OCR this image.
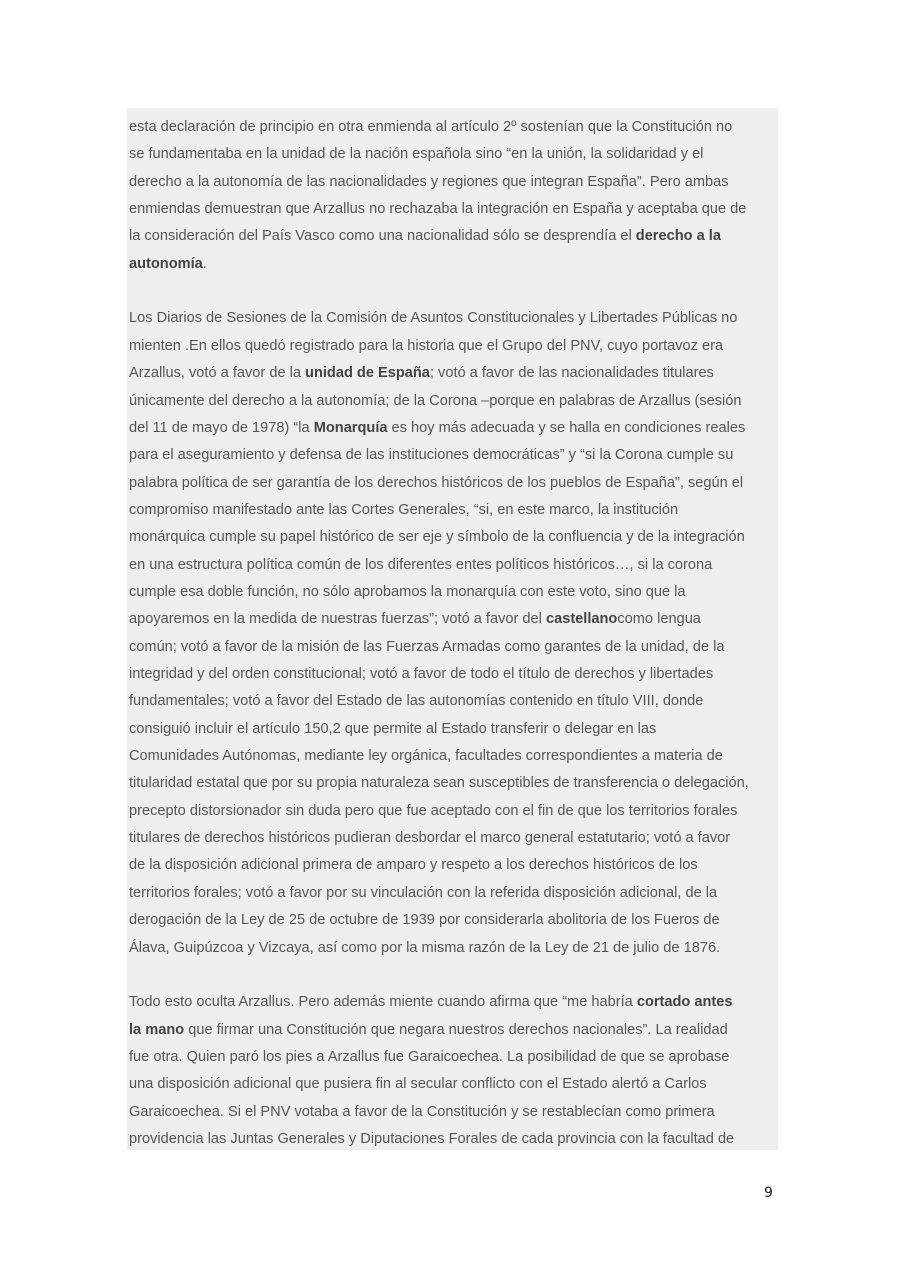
esta declaración de principio en otra enmienda al artículo 2º sostenían que la Constitución no
se fundamentaba en la unidad de la nación española sino “en la unión, la solidaridad y el
derecho a la autonomía de las nacionalidades y regiones que integran España”. Pero ambas
enmiendas demuestran que Arzallus no rechazaba la integración en España y aceptaba que de
la consideración del País Vasco como una nacionalidad sólo se desprendía el derecho a la
autonomía.
Los Diarios de Sesiones de la Comisión de Asuntos Constitucionales y Libertades Públicas no
mienten .En ellos quedó registrado para la historia que el Grupo del PNV, cuyo portavoz era
Arzallus, votó a favor de la unidad de España; votó a favor de las nacionalidades titulares
únicamente del derecho a la autonomía; de la Corona –porque en palabras de Arzallus (sesión
del 11 de mayo de 1978) “la Monarquía es hoy más adecuada y se halla en condiciones reales
para el aseguramiento y defensa de las instituciones democráticas” y “si la Corona cumple su
palabra política de ser garantía de los derechos históricos de los pueblos de España”, según el
compromiso manifestado ante las Cortes Generales, “si, en este marco, la institución
monárquica cumple su papel histórico de ser eje y símbolo de la confluencia y de la integración
en una estructura política común de los diferentes entes políticos históricos…, si la corona
cumple esa doble función, no sólo aprobamos la monarquía con este voto, sino que la
apoyaremos en la medida de nuestras fuerzas”; votó a favor del castellanocomo lengua
común; votó a favor de la misión de las Fuerzas Armadas como garantes de la unidad, de la
integridad y del orden constitucional; votó a favor de todo el título de derechos y libertades
fundamentales; votó a favor del Estado de las autonomías contenido en título VIII, donde
consiguió incluir el artículo 150,2 que permite al Estado transferir o delegar en las
Comunidades Autónomas, mediante ley orgánica, facultades correspondientes a materia de
titularidad estatal que por su propia naturaleza sean susceptibles de transferencia o delegación,
precepto distorsionador sin duda pero que fue aceptado con el fin de que los territorios forales
titulares de derechos históricos pudieran desbordar el marco general estatutario; votó a favor
de la disposición adicional primera de amparo y respeto a los derechos históricos de los
territorios forales; votó a favor por su vinculación con la referida disposición adicional, de la
derogación de la Ley de 25 de octubre de 1939 por considerarla abolitoria de los Fueros de
Álava, Guipúzcoa y Vizcaya, así como por la misma razón de la Ley de 21 de julio de 1876.
Todo esto oculta Arzallus. Pero además miente cuando afirma que “me habría cortado antes
la mano que firmar una Constitución que negara nuestros derechos nacionales”. La realidad
fue otra. Quien paró los pies a Arzallus fue Garaicoechea. La posibilidad de que se aprobase
una disposición adicional que pusiera fin al secular conflicto con el Estado alertó a Carlos
Garaicoechea. Si el PNV votaba a favor de la Constitución y se restablecían como primera
providencia las Juntas Generales y Diputaciones Forales de cada provincia con la facultad de
9
